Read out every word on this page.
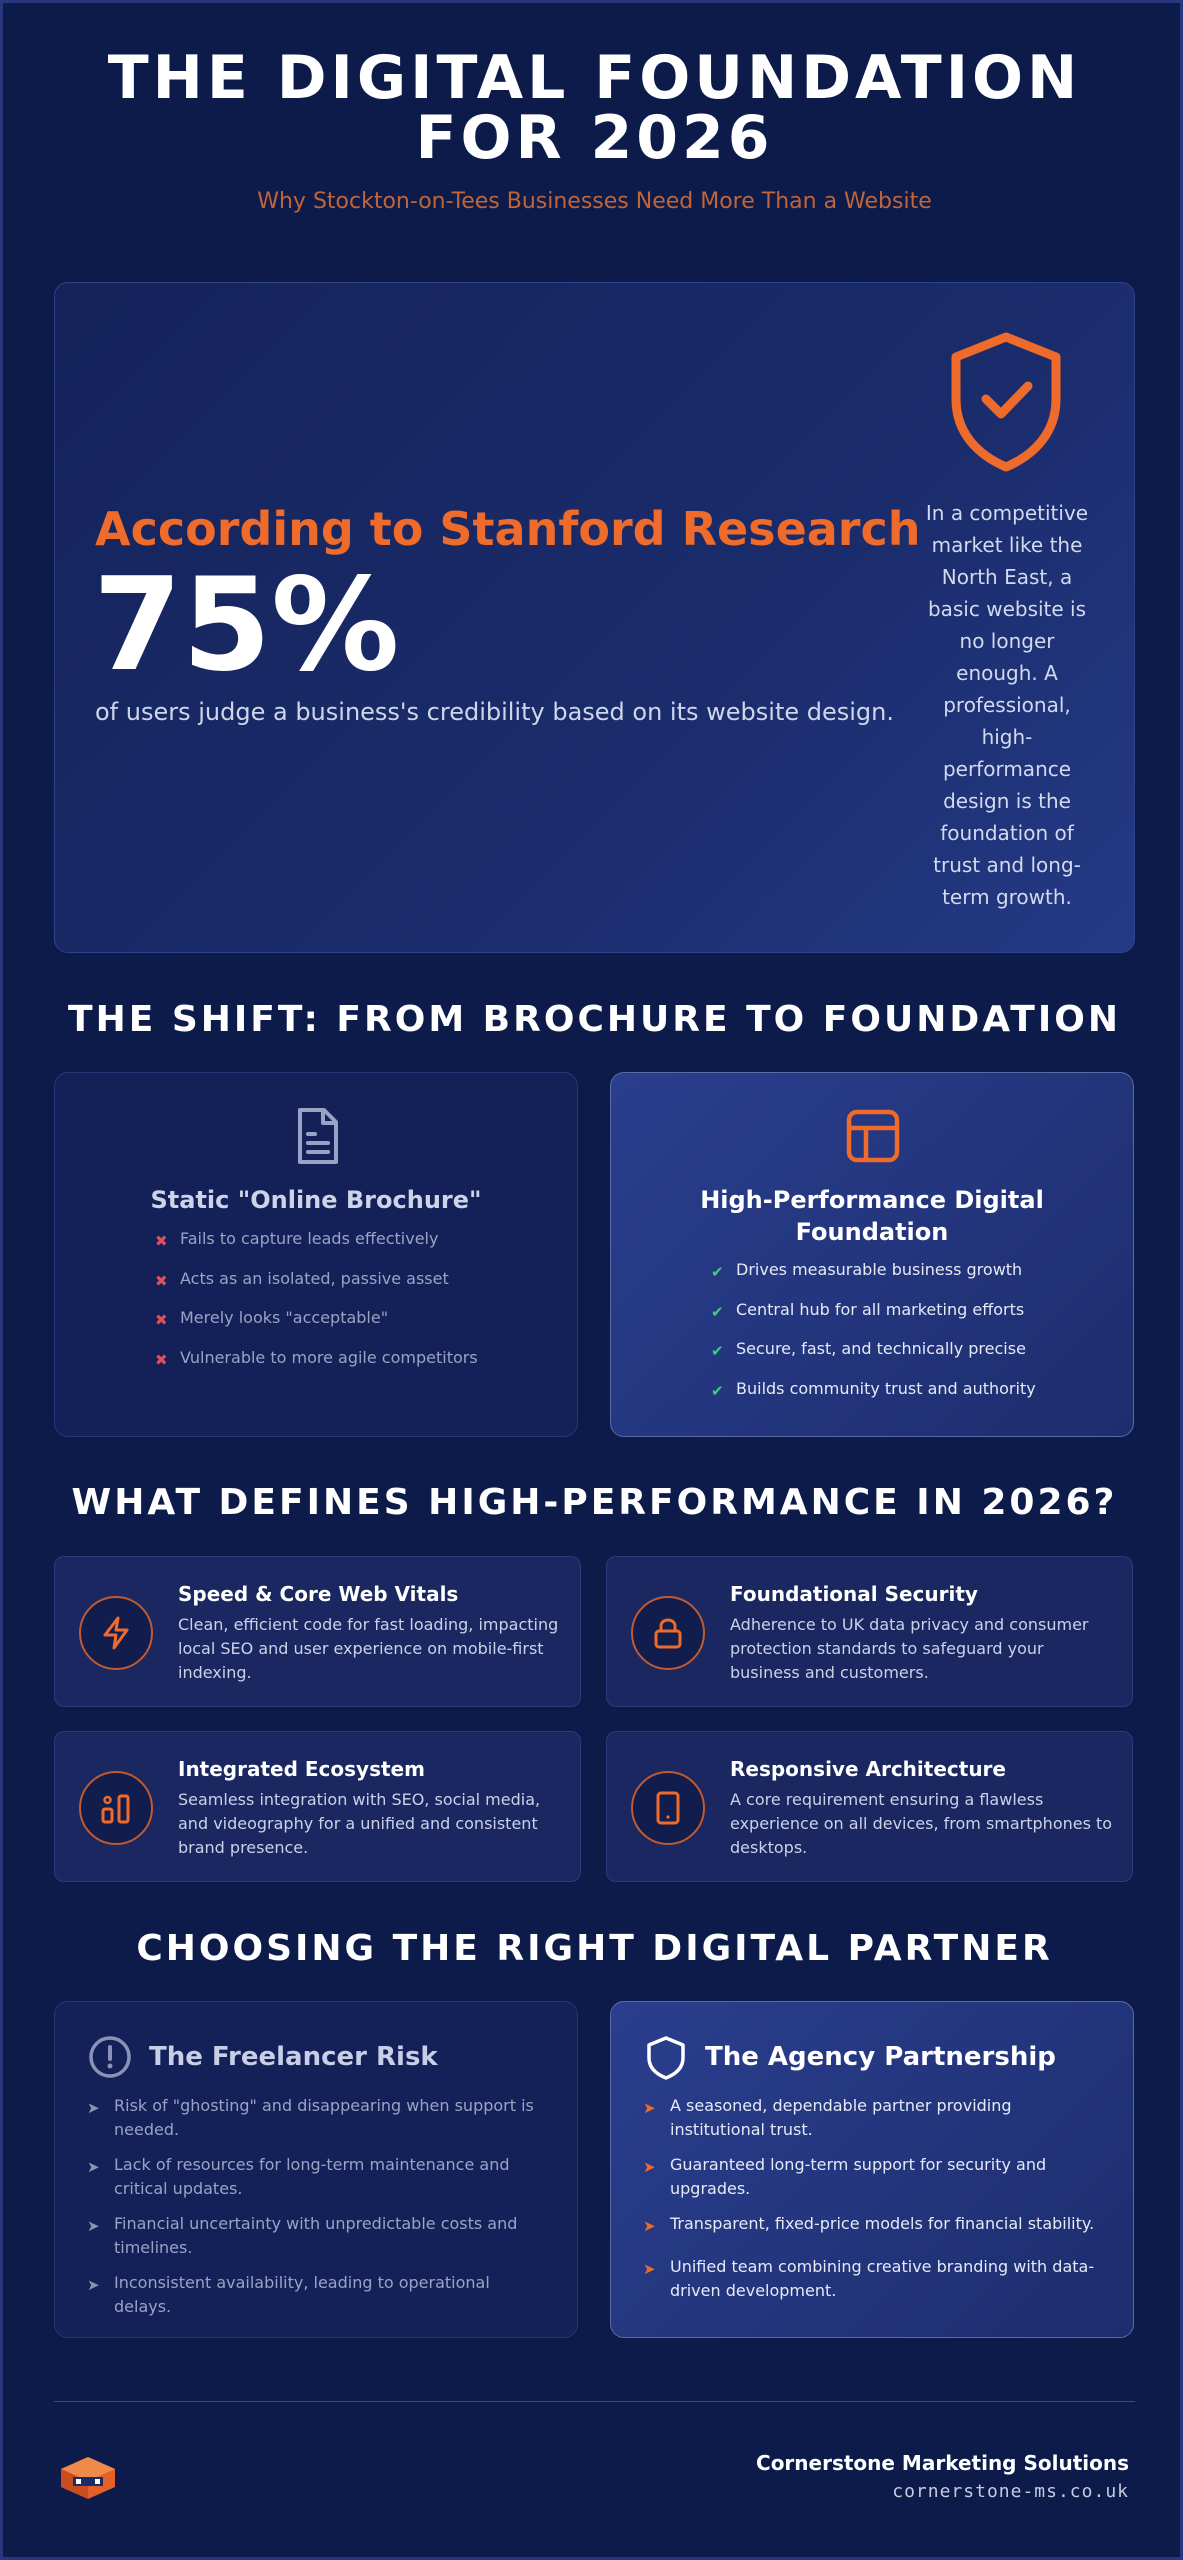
THE DIGITAL FOUNDATION
FOR 2026
Why Stockton-on-Tees Businesses Need More Than a Website
According to Stanford Research
75%
of users judge a business's credibility based on its website design.
In a competitive market like the North East, a basic website is no longer enough. A professional, high-performance design is the foundation of trust and long-term growth.
THE SHIFT: FROM BROCHURE TO FOUNDATION
Static "Online Brochure"
✖ Fails to capture leads effectively
✖ Acts as an isolated, passive asset
✖ Merely looks "acceptable"
✖ Vulnerable to more agile competitors
High-Performance Digital
Foundation
✔ Drives measurable business growth
✔ Central hub for all marketing efforts
✔ Secure, fast, and technically precise
✔ Builds community trust and authority
WHAT DEFINES HIGH-PERFORMANCE IN 2026?
Speed & Core Web Vitals
Clean, efficient code for fast loading, impacting local SEO and user experience on mobile-first indexing.
Foundational Security
Adherence to UK data privacy and consumer protection standards to safeguard your business and customers.
Integrated Ecosystem
Seamless integration with SEO, social media, and videography for a unified and consistent brand presence.
Responsive Architecture
A core requirement ensuring a flawless experience on all devices, from smartphones to desktops.
CHOOSING THE RIGHT DIGITAL PARTNER
The Freelancer Risk
➤ Risk of "ghosting" and disappearing when support is needed.
➤ Lack of resources for long-term maintenance and critical updates.
➤ Financial uncertainty with unpredictable costs and timelines.
➤ Inconsistent availability, leading to operational delays.
The Agency Partnership
➤ A seasoned, dependable partner providing institutional trust.
➤ Guaranteed long-term support for security and upgrades.
➤ Transparent, fixed-price models for financial stability.
➤ Unified team combining creative branding with data-driven development.
Cornerstone Marketing Solutions
cornerstone-ms.co.uk
